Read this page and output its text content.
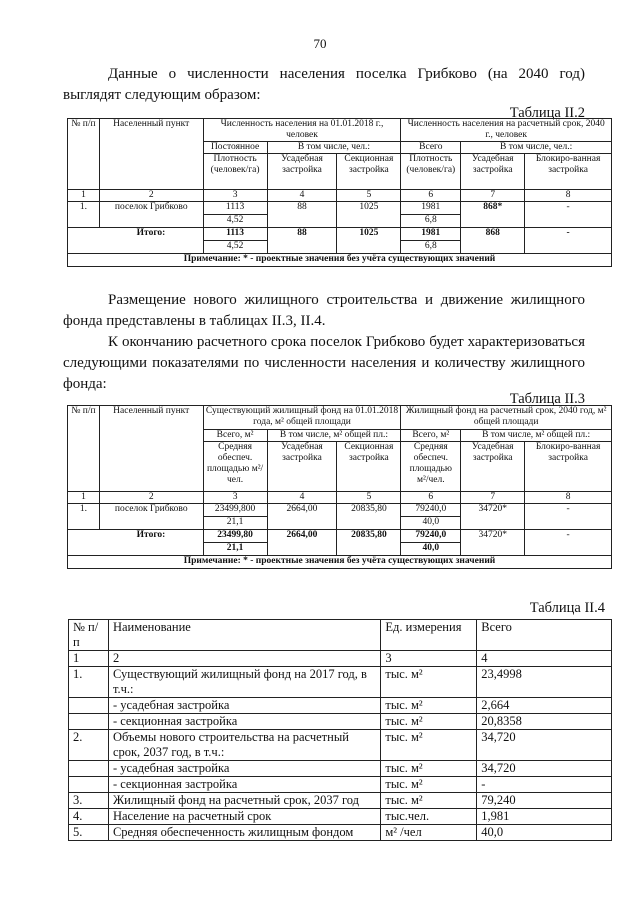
70
Данные о численности населения поселка Грибково (на 2040 год) выглядят следующим образом:
Таблица II.2
№ п/п	Населенный пункт	Численность населения на 01.01.2018 г., человек			Численность населения на расчетный срок, 2040 г., человек		
		Постоянное	В том числе, чел.:		Всего	В том числе, чел.:	
		Плотность (человек/га)	Усадебная застройка	Секционная застройка	Плотность (человек/га)	Усадебная застройка	Блокиро-ванная застройка
1	2	3	4	5	6	7	8
1.	поселок Грибково	1113	88	1025	1981	868*	-
		4,52			6,8		
	Итого:	1113	88	1025	1981	868	-
		4,52			6,8		
Примечание: * - проектные значения без учёта существующих значений							
Размещение нового жилищного строительства и движение жилищного фонда представлены в таблицах II.3, II.4.
К окончанию расчетного срока поселок Грибково будет характеризоваться следующими показателями по численности населения и количеству жилищного фонда:
Таблица II.3
№ п/п	Населенный пункт	Существующий жилищный фонд на 01.01.2018 года, м² общей площади			Жилищный фонд на расчетный срок, 2040 год, м² общей площади		
		Всего, м²	В том числе, м² общей пл.:		Всего, м²	В том числе, м² общей пл.:	
		Средняя обеспеч. площадью м²/чел.	Усадебная застройка	Секционная застройка	Средняя обеспеч. площадью м²/чел.	Усадебная застройка	Блокиро-ванная застройка
1	2	3	4	5	6	7	8
1.	поселок Грибково	23499,800	2664,00	20835,80	79240,0	34720*	-
		21,1			40,0		
	Итого:	23499,80	2664,00	20835,80	79240,0	34720*	-
		21,1			40,0		
Примечание: * - проектные значения без учёта существующих значений							
Таблица II.4
№ п/п	Наименование	Ед. измерения	Всего
1	2	3	4
1.	Существующий жилищный фонд на 2017 год, в т.ч.:	тыс. м²	23,4998
	- усадебная застройка	тыс. м²	2,664
	- секционная застройка	тыс. м²	20,8358
2.	Объемы нового строительства на расчетный срок, 2037 год, в т.ч.:	тыс. м²	34,720
	- усадебная застройка	тыс. м²	34,720
	- секционная застройка	тыс. м²	-
3.	Жилищный фонд на расчетный срок, 2037 год	тыс. м²	79,240
4.	Население на расчетный срок	тыс.чел.	1,981
5.	Средняя обеспеченность жилищным фондом	м² /чел	40,0
